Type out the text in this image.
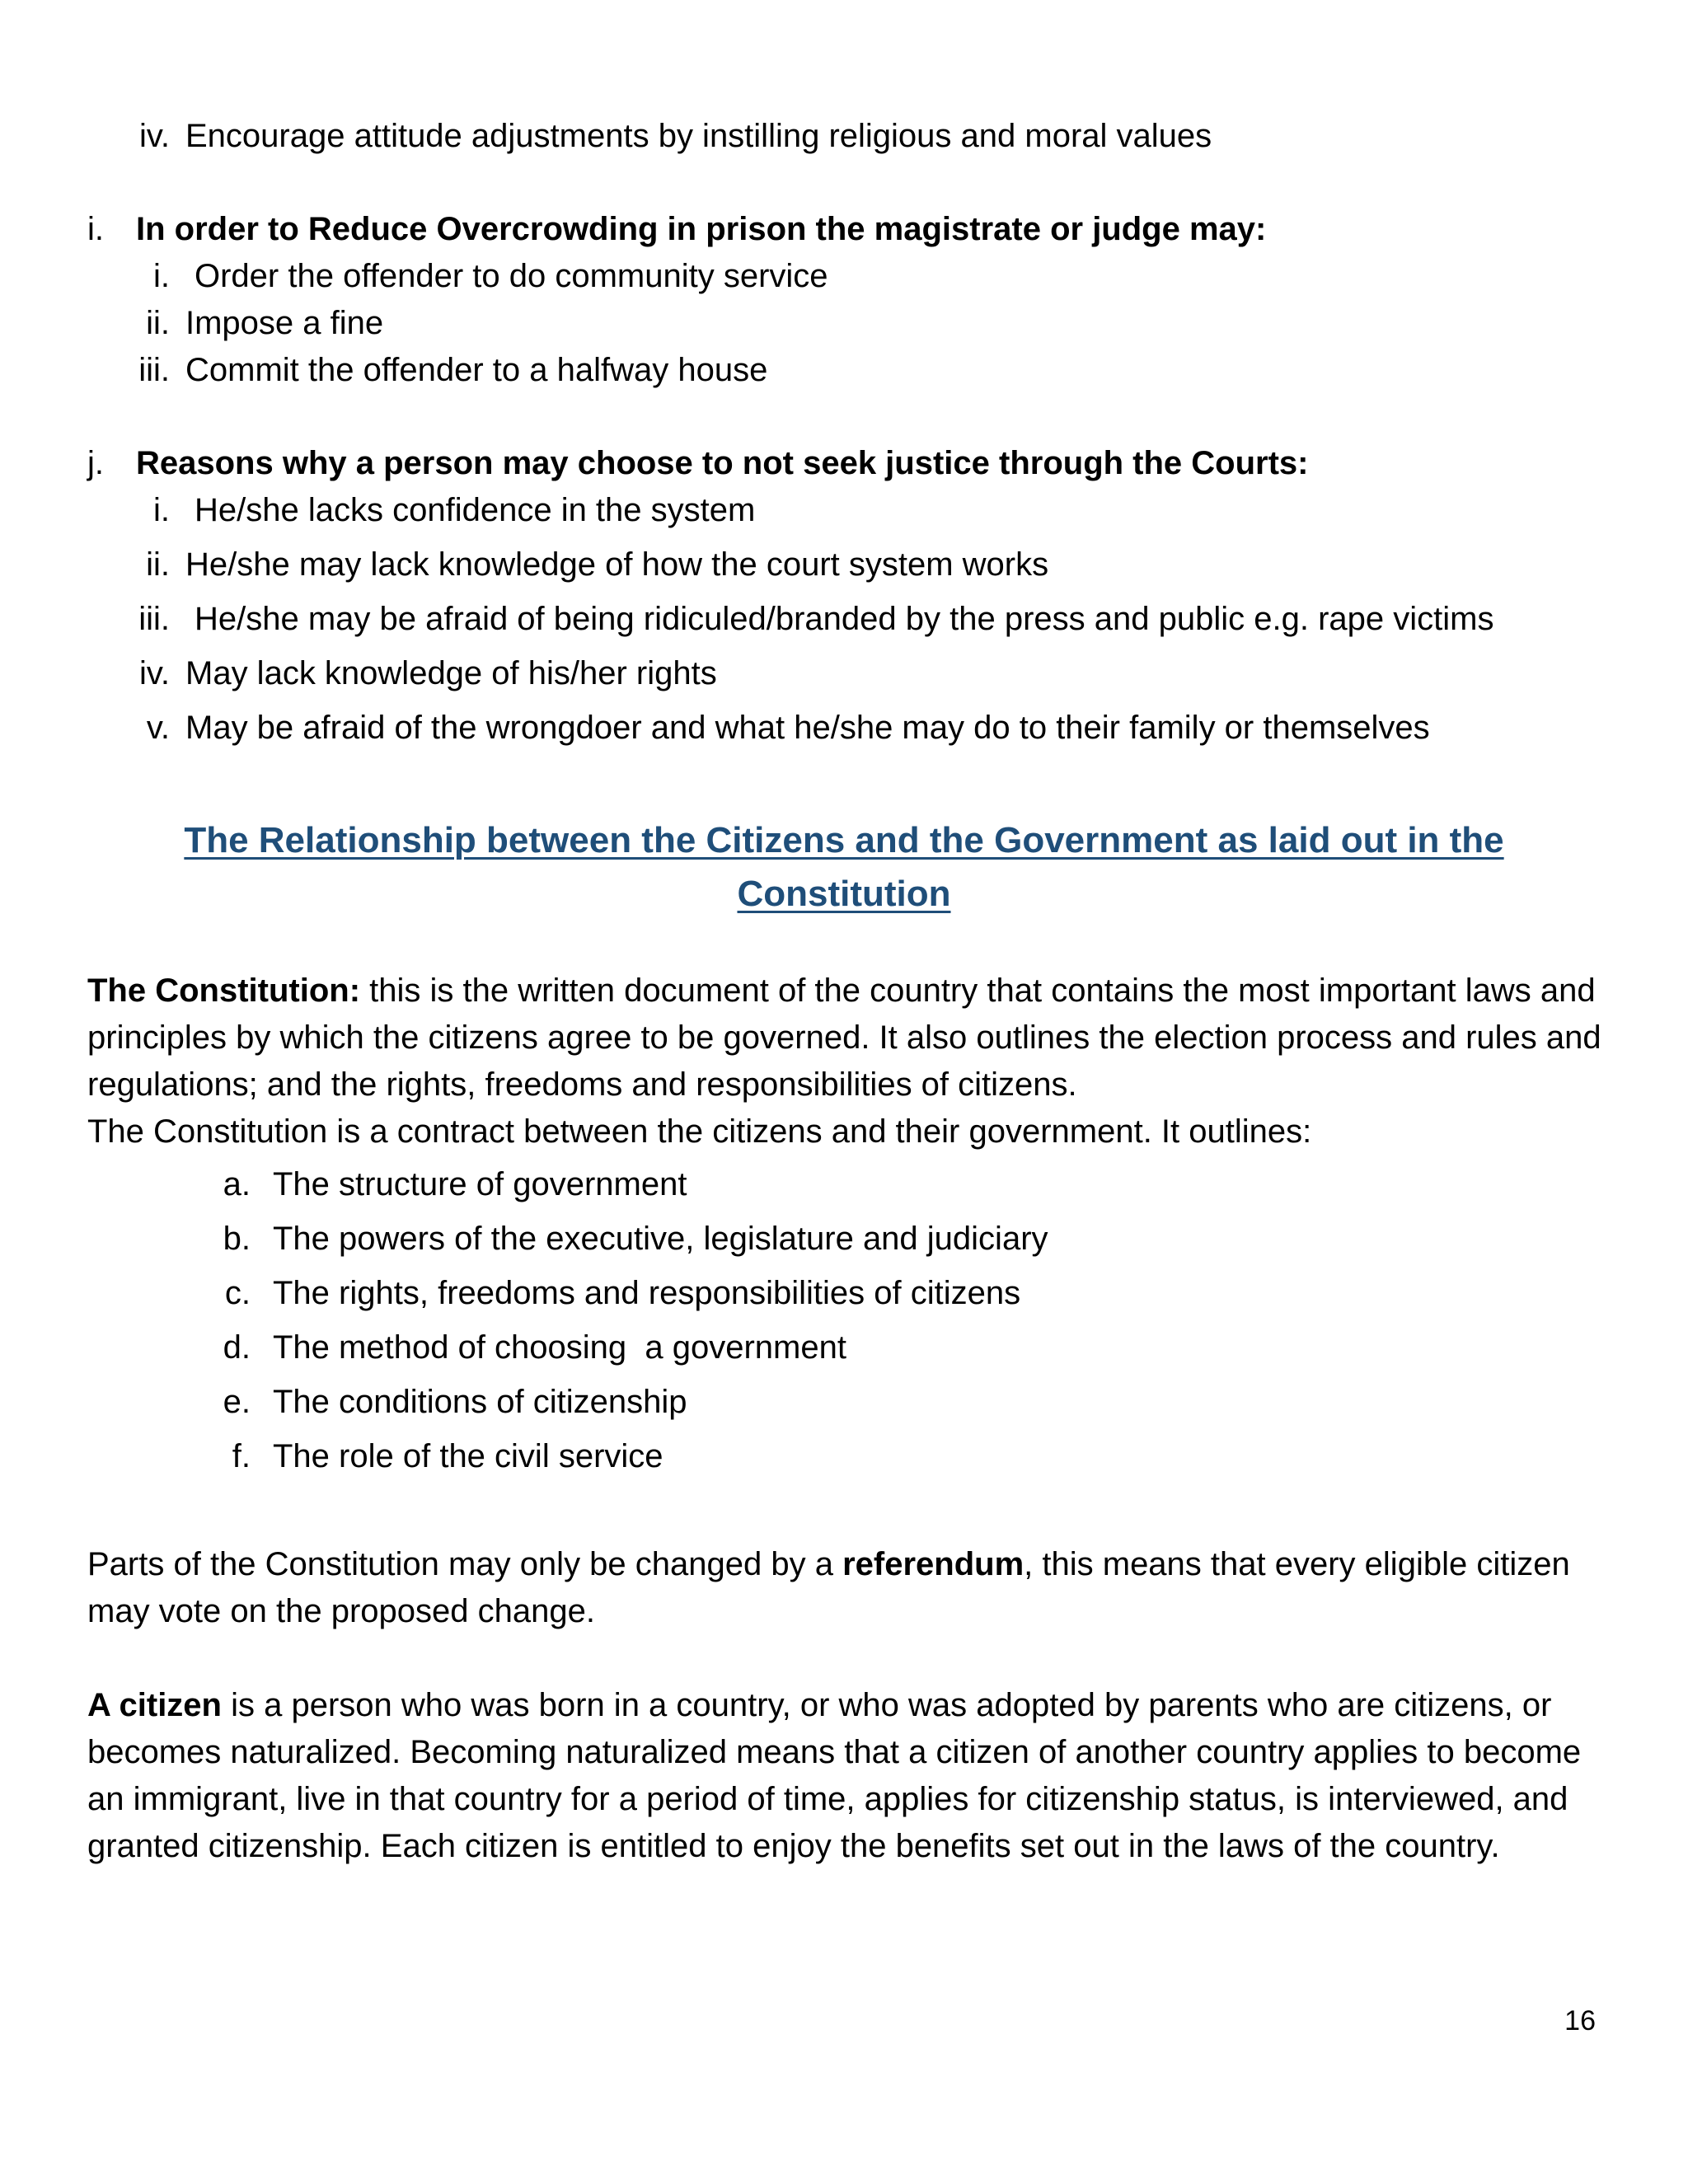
iv. Encourage attitude adjustments by instilling religious and moral values
i. In order to Reduce Overcrowding in prison the magistrate or judge may:
i. Order the offender to do community service
ii. Impose a fine
iii. Commit the offender to a halfway house
j. Reasons why a person may choose to not seek justice through the Courts:
i. He/she lacks confidence in the system
ii. He/she may lack knowledge of how the court system works
iii. He/she may be afraid of being ridiculed/branded by the press and public e.g. rape victims
iv. May lack knowledge of his/her rights
v. May be afraid of the wrongdoer and what he/she may do to their family or themselves
The Relationship between the Citizens and the Government as laid out in the
Constitution

The Constitution: this is the written document of the country that contains the most important laws and principles by which the citizens agree to be governed. It also outlines the election process and rules and regulations; and the rights, freedoms and responsibilities of citizens.

The Constitution is a contract between the citizens and their government. It outlines:

a. The structure of government
b. The powers of the executive, legislature and judiciary
c. The rights, freedoms and responsibilities of citizens
d. The method of choosing  a government
e. The conditions of citizenship
f. The role of the civil service

Parts of the Constitution may only be changed by a referendum, this means that every eligible citizen may vote on the proposed change.

A citizen is a person who was born in a country, or who was adopted by parents who are citizens, or becomes naturalized. Becoming naturalized means that a citizen of another country applies to become an immigrant, live in that country for a period of time, applies for citizenship status, is interviewed, and granted citizenship. Each citizen is entitled to enjoy the benefits set out in the laws of the country.

16
